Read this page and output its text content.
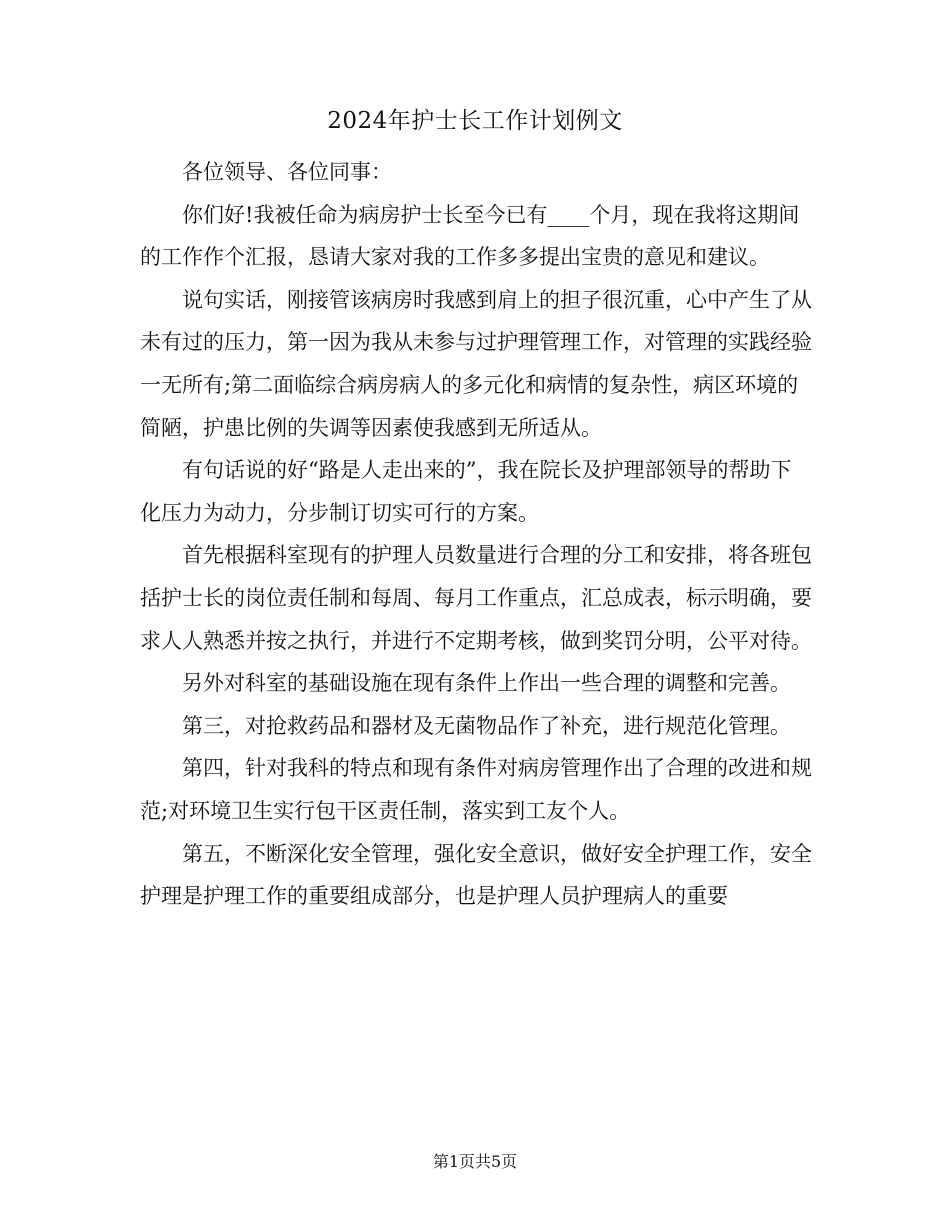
2024年护士长工作计划例文

各位领导、各位同事：

你们好!我被任命为病房护士长至今已有____个月，现在我将这期间的工作作个汇报，恳请大家对我的工作多多提出宝贵的意见和建议。

说句实话，刚接管该病房时我感到肩上的担子很沉重，心中产生了从未有过的压力，第一因为我从未参与过护理管理工作，对管理的实践经验一无所有;第二面临综合病房病人的多元化和病情的复杂性，病区环境的简陋，护患比例的失调等因素使我感到无所适从。

有句话说的好“路是人走出来的”，我在院长及护理部领导的帮助下化压力为动力，分步制订切实可行的方案。

首先根据科室现有的护理人员数量进行合理的分工和安排，将各班包括护士长的岗位责任制和每周、每月工作重点，汇总成表，标示明确，要求人人熟悉并按之执行，并进行不定期考核，做到奖罚分明，公平对待。

另外对科室的基础设施在现有条件上作出一些合理的调整和完善。

第三，对抢救药品和器材及无菌物品作了补充，进行规范化管理。

第四，针对我科的特点和现有条件对病房管理作出了合理的改进和规范;对环境卫生实行包干区责任制，落实到工友个人。

第五，不断深化安全管理，强化安全意识，做好安全护理工作，安全护理是护理工作的重要组成部分，也是护理人员护理病人的重要

第1页共5页
